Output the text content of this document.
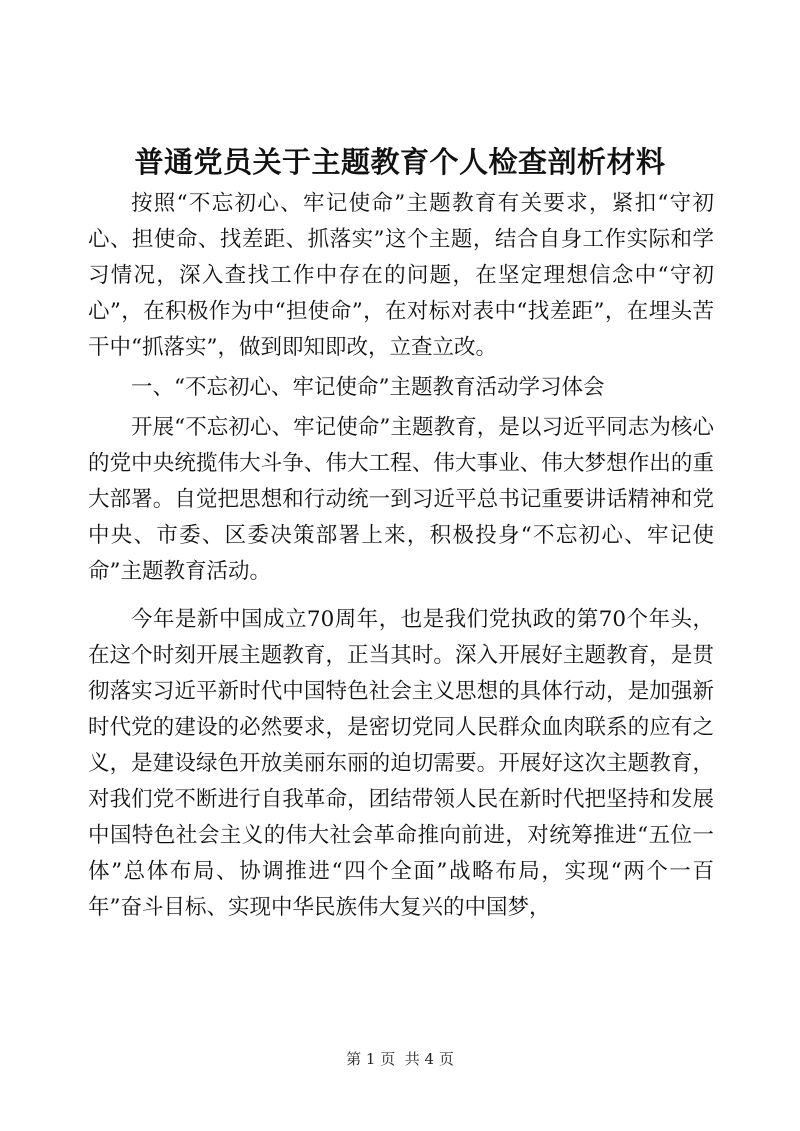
普通党员关于主题教育个人检查剖析材料

按照“不忘初心、牢记使命”主题教育有关要求，紧扣“守初心、担使命、找差距、抓落实”这个主题，结合自身工作实际和学习情况，深入查找工作中存在的问题，在坚定理想信念中“守初心”，在积极作为中“担使命”，在对标对表中“找差距”，在埋头苦干中“抓落实”，做到即知即改，立查立改。

一、“不忘初心、牢记使命”主题教育活动学习体会

开展“不忘初心、牢记使命”主题教育，是以习近平同志为核心的党中央统揽伟大斗争、伟大工程、伟大事业、伟大梦想作出的重大部署。自觉把思想和行动统一到习近平总书记重要讲话精神和党中央、市委、区委决策部署上来，积极投身“不忘初心、牢记使命”主题教育活动。

今年是新中国成立70周年，也是我们党执政的第70个年头，在这个时刻开展主题教育，正当其时。深入开展好主题教育，是贯彻落实习近平新时代中国特色社会主义思想的具体行动，是加强新时代党的建设的必然要求，是密切党同人民群众血肉联系的应有之义，是建设绿色开放美丽东丽的迫切需要。开展好这次主题教育，对我们党不断进行自我革命，团结带领人民在新时代把坚持和发展中国特色社会主义的伟大社会革命推向前进，对统筹推进“五位一体”总体布局、协调推进“四个全面”战略布局，实现“两个一百年”奋斗目标、实现中华民族伟大复兴的中国梦，

第 1 页  共 4 页
